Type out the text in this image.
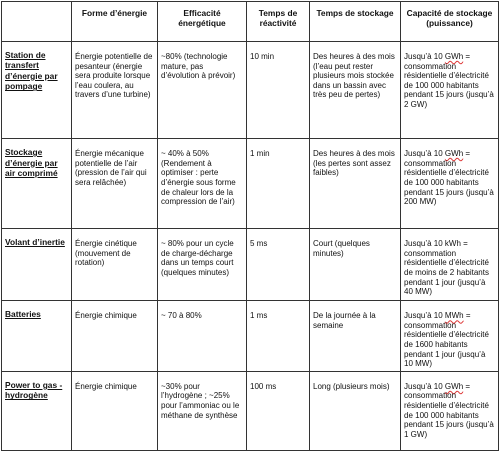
	Forme d’énergie	Efficacité énergétique	Temps de réactivité	Temps de stockage	Capacité de stockage (puissance)
Station de transfert d’énergie par pompage	Énergie potentielle de pesanteur (énergie sera produite lorsque l’eau coulera, au travers d’une turbine)	~80% (technologie mature, pas d’évolution à prévoir)	10 min	Des heures à des mois (l’eau peut rester plusieurs mois stockée dans un bassin avec très peu de pertes)	Jusqu’à 10 GWh = consommation résidentielle d’électricité de 100 000 habitants pendant 15 jours (jusqu’à 2 GW)
Stockage d’énergie par air comprimé	Énergie mécanique potentielle de l’air (pression de l’air qui sera relâchée)	~ 40% à 50% (Rendement à optimiser : perte d’énergie sous forme de chaleur lors de la compression de l’air)	1 min	Des heures à des mois (les pertes sont assez faibles)	Jusqu’à 10 GWh = consommation résidentielle d’électricité de 100 000 habitants pendant 15 jours (jusqu’à 200 MW)
Volant d’inertie	Énergie cinétique (mouvement de rotation)	~ 80% pour un cycle de charge-décharge dans un temps court (quelques minutes)	5 ms	Court (quelques minutes)	Jusqu’à 10 kWh = consommation résidentielle d’électricité de moins de 2 habitants pendant 1 jour (jusqu’à 40 MW)
Batteries	Énergie chimique	~ 70 à 80%	1 ms	De la journée à la semaine	Jusqu’à 10 MWh = consommation résidentielle d’électricité de 1600 habitants pendant 1 jour (jusqu’à 10 MW)
Power to gas - hydrogène	Énergie chimique	~30% pour l’hydrogène ; ~25% pour l’ammoniac ou le méthane de synthèse	100 ms	Long (plusieurs mois)	Jusqu’à 10 GWh = consommation résidentielle d’électricité de 100 000 habitants pendant 15 jours (jusqu’à 1 GW)
